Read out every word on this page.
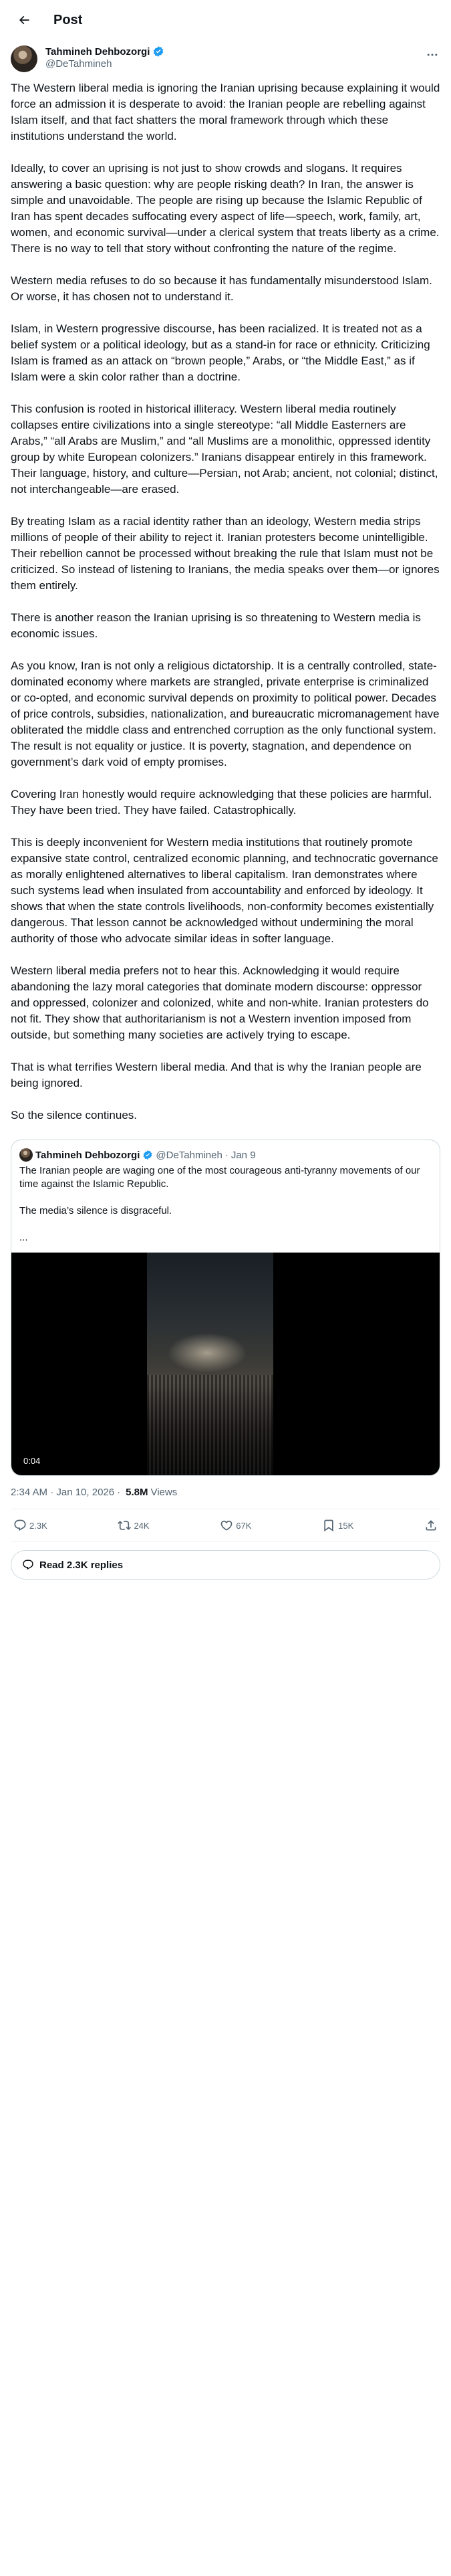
Post
Tahmineh Dehbozorgi
@DeTahmineh

The Western liberal media is ignoring the Iranian uprising because explaining it would force an admission it is desperate to avoid: the Iranian people are rebelling against Islam itself, and that fact shatters the moral framework through which these institutions understand the world.

Ideally, to cover an uprising is not just to show crowds and slogans. It requires answering a basic question: why are people risking death? In Iran, the answer is simple and unavoidable. The people are rising up because the Islamic Republic of Iran has spent decades suffocating every aspect of life—speech, work, family, art, women, and economic survival—under a clerical system that treats liberty as a crime. There is no way to tell that story without confronting the nature of the regime.

Western media refuses to do so because it has fundamentally misunderstood Islam. Or worse, it has chosen not to understand it.

Islam, in Western progressive discourse, has been racialized. It is treated not as a belief system or a political ideology, but as a stand-in for race or ethnicity. Criticizing Islam is framed as an attack on “brown people,” Arabs, or “the Middle East,” as if Islam were a skin color rather than a doctrine.

This confusion is rooted in historical illiteracy. Western liberal media routinely collapses entire civilizations into a single stereotype: “all Middle Easterners are Arabs,” “all Arabs are Muslim,” and “all Muslims are a monolithic, oppressed identity group by white European colonizers.” Iranians disappear entirely in this framework. Their language, history, and culture—Persian, not Arab; ancient, not colonial; distinct, not interchangeable—are erased.

By treating Islam as a racial identity rather than an ideology, Western media strips millions of people of their ability to reject it. Iranian protesters become unintelligible. Their rebellion cannot be processed without breaking the rule that Islam must not be criticized. So instead of listening to Iranians, the media speaks over them—or ignores them entirely.

There is another reason the Iranian uprising is so threatening to Western media is economic issues.

As you know, Iran is not only a religious dictatorship. It is a centrally controlled, state-dominated economy where markets are strangled, private enterprise is criminalized or co-opted, and economic survival depends on proximity to political power. Decades of price controls, subsidies, nationalization, and bureaucratic micromanagement have obliterated the middle class and entrenched corruption as the only functional system. The result is not equality or justice. It is poverty, stagnation, and dependence on government’s dark void of empty promises.

Covering Iran honestly would require acknowledging that these policies are harmful. They have been tried. They have failed. Catastrophically.

This is deeply inconvenient for Western media institutions that routinely promote expansive state control, centralized economic planning, and technocratic governance as morally enlightened alternatives to liberal capitalism. Iran demonstrates where such systems lead when insulated from accountability and enforced by ideology. It shows that when the state controls livelihoods, non-conformity becomes existentially dangerous. That lesson cannot be acknowledged without undermining the moral authority of those who advocate similar ideas in softer language.

Western liberal media prefers not to hear this. Acknowledging it would require abandoning the lazy moral categories that dominate modern discourse: oppressor and oppressed, colonizer and colonized, white and non-white. Iranian protesters do not fit. They show that authoritarianism is not a Western invention imposed from outside, but something many societies are actively trying to escape.

That is what terrifies Western liberal media. And that is why the Iranian people are being ignored.

So the silence continues.

Tahmineh Dehbozorgi @DeTahmineh · Jan 9

The Iranian people are waging one of the most courageous anti-tyranny movements of our time against the Islamic Republic.

The media’s silence is disgraceful.

...

0:04
2:34 AM · Jan 10, 2026 · 5.8M Views
2.3K	24K	67K	15K
Read 2.3K replies
